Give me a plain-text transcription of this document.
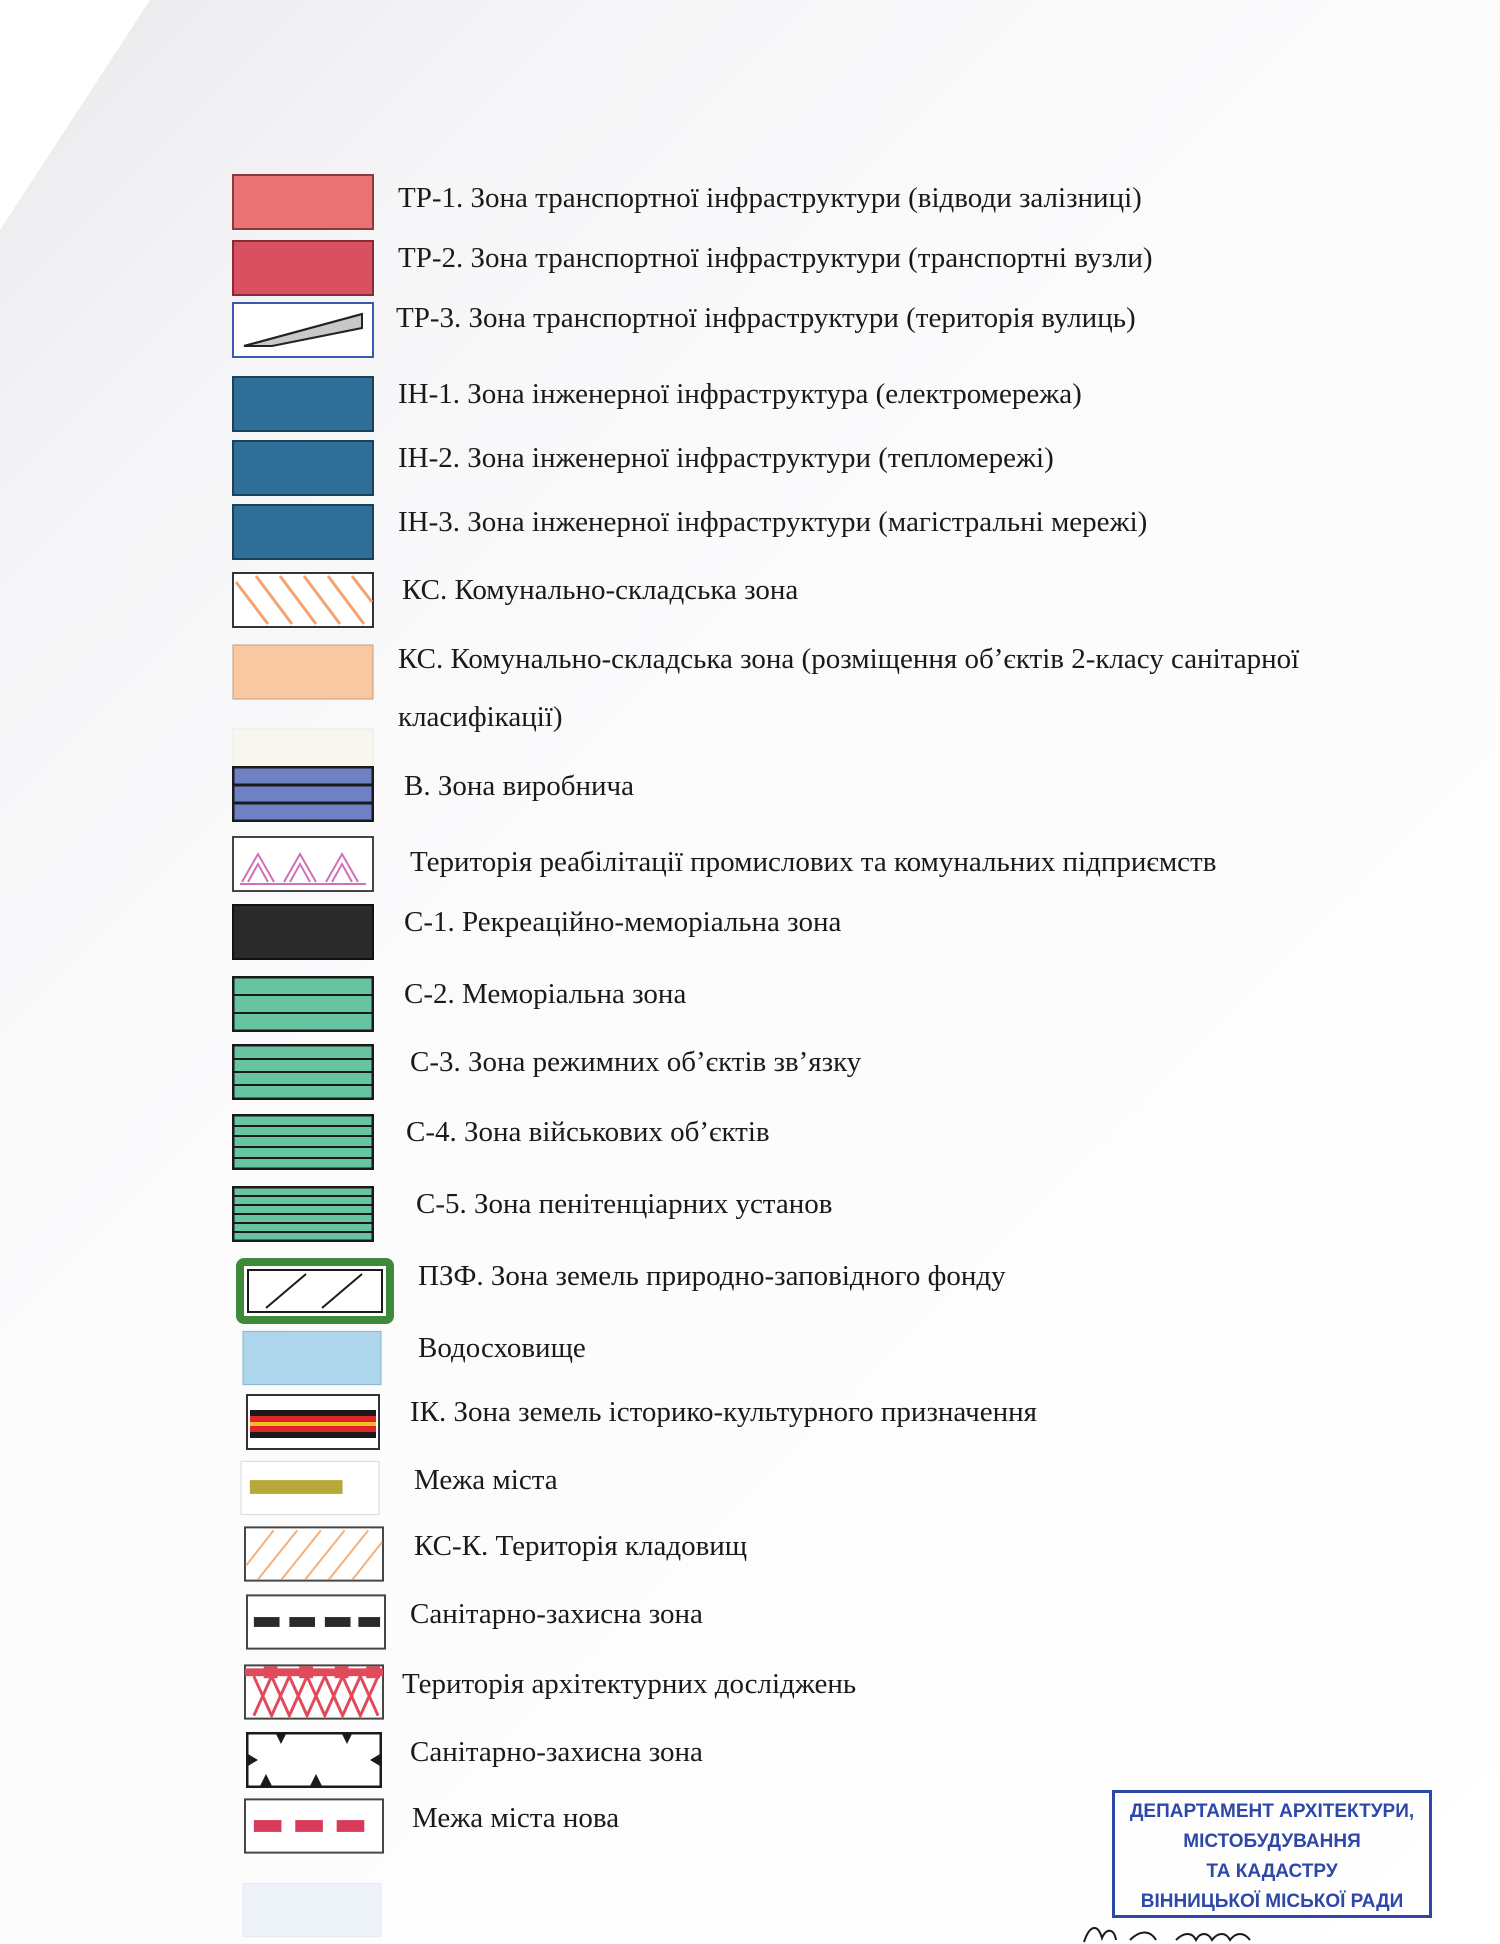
ТР-1. Зона транспортної інфраструктури (відводи залізниці)
ТР-2. Зона транспортної інфраструктури (транспортні вузли)
ТР-3. Зона транспортної інфраструктури (територія вулиць)
ІН-1. Зона інженерної інфраструктура (електромережа)
ІН-2. Зона інженерної інфраструктури (тепломережі)
ІН-3. Зона інженерної інфраструктури (магістральні мережі)
КС. Комунально-складська зона
КС. Комунально-складська зона (розміщення об’єктів 2-класу санітарної класифікації)
В. Зона виробнича
Територія реабілітації промислових та комунальних підприємств
С-1. Рекреаційно-меморіальна зона
С-2. Меморіальна зона
С-3. Зона режимних об’єктів зв’язку
С-4. Зона військових об’єктів
С-5. Зона пенітенціарних установ
ПЗФ. Зона земель природно-заповідного фонду
Водосховище
ІК. Зона земель історико-культурного призначення
Межа міста
КС-К. Територія кладовищ
Санітарно-захисна зона
Територія архітектурних досліджень
Санітарно-захисна зона
Межа міста нова	ДЕПАРТАМЕНТ АРХІТЕКТУРИ,
МІСТОБУДУВАННЯ
ТА КАДАСТРУ
ВІННИЦЬКОЇ МІСЬКОЇ РАДИ
